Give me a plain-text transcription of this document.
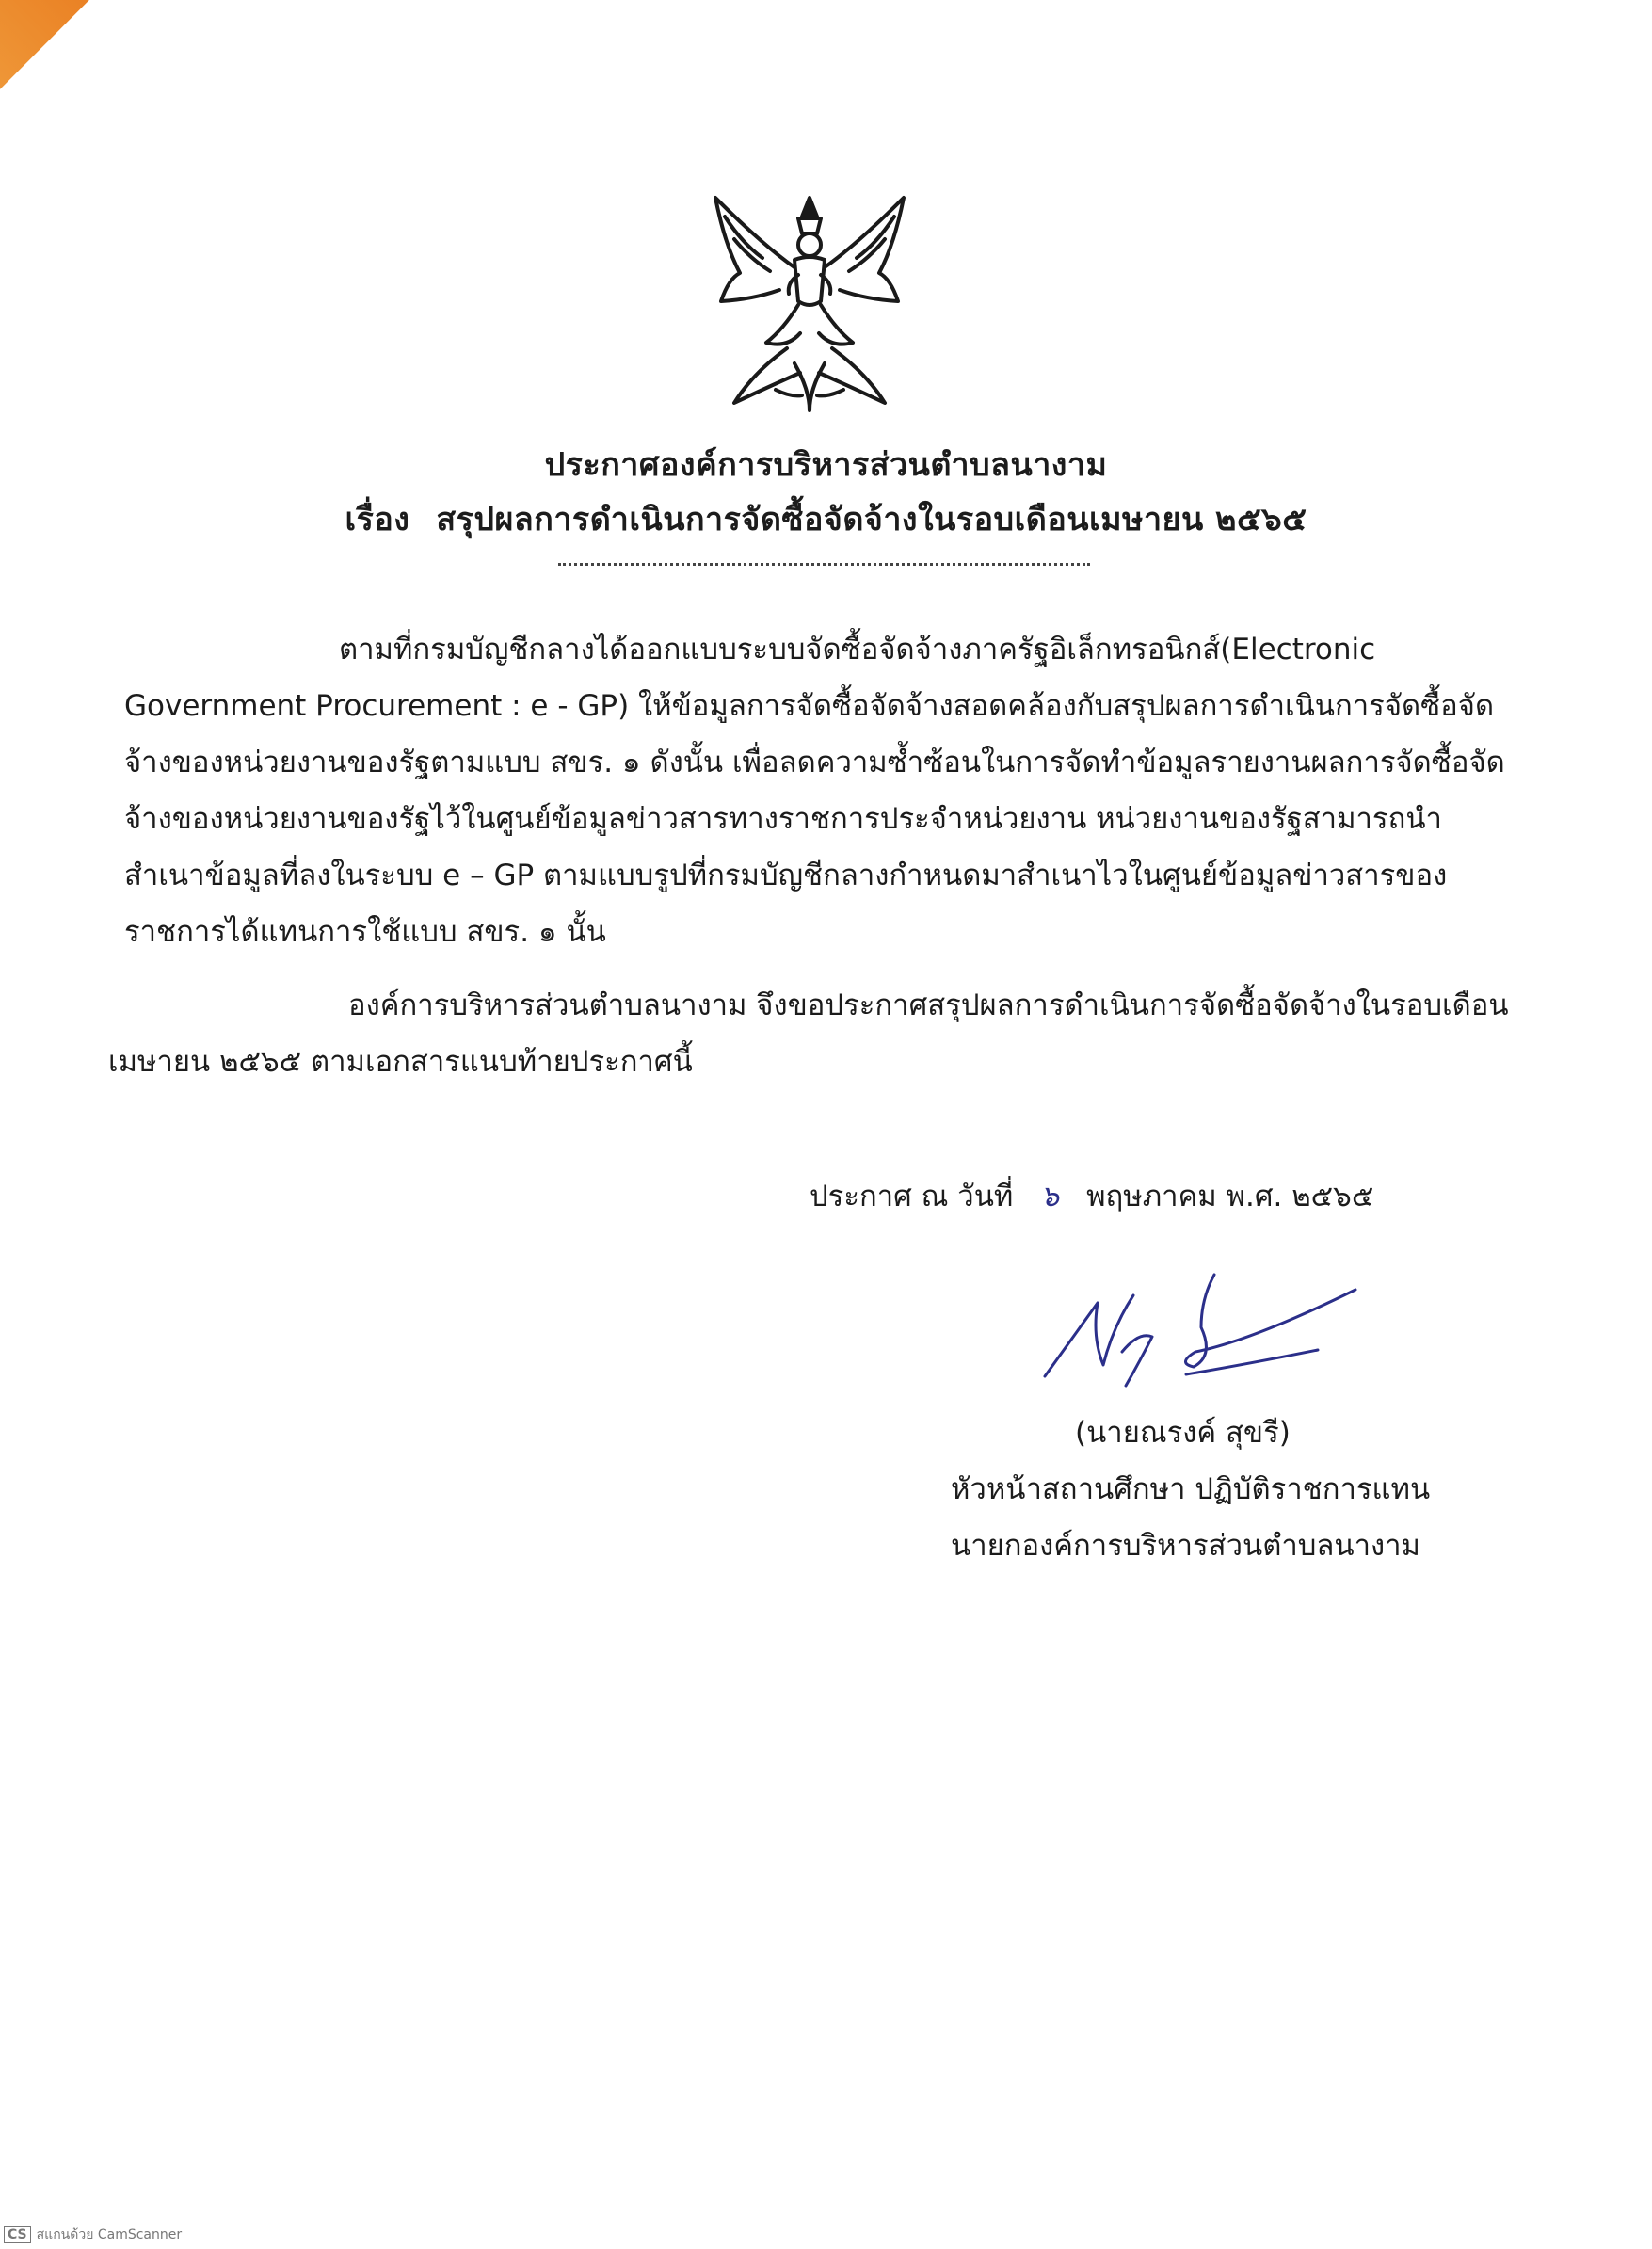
ประกาศองค์การบริหารส่วนตำบลนางาม
เรื่อง สรุปผลการดำเนินการจัดซื้อจัดจ้างในรอบเดือนเมษายน ๒๕๖๕

ตามที่กรมบัญชีกลางได้ออกแบบระบบจัดซื้อจัดจ้างภาครัฐอิเล็กทรอนิกส์(Electronic Government Procurement : e - GP) ให้ข้อมูลการจัดซื้อจัดจ้างสอดคล้องกับสรุปผลการดำเนินการจัดซื้อจัดจ้างของหน่วยงานของรัฐตามแบบ สขร. ๑ ดังนั้น เพื่อลดความซ้ำซ้อนในการจัดทำข้อมูลรายงานผลการจัดซื้อจัดจ้างของหน่วยงานของรัฐไว้ในศูนย์ข้อมูลข่าวสารทางราชการประจำหน่วยงาน หน่วยงานของรัฐสามารถนำสำเนาข้อมูลที่ลงในระบบ e – GP ตามแบบรูปที่กรมบัญชีกลางกำหนดมาสำเนาไวในศูนย์ข้อมูลข่าวสารของราชการได้แทนการใช้แบบ สขร. ๑ นั้น

องค์การบริหารส่วนตำบลนางาม จึงขอประกาศสรุปผลการดำเนินการจัดซื้อจัดจ้างในรอบเดือนเมษายน ๒๕๖๕ ตามเอกสารแนบท้ายประกาศนี้

ประกาศ ณ วันที่ ๖ พฤษภาคม พ.ศ. ๒๕๖๕
(นายณรงค์ สุขรี)
หัวหน้าสถานศึกษา ปฏิบัติราชการแทน
นายกองค์การบริหารส่วนตำบลนางาม
CS สแกนด้วย CamScanner
